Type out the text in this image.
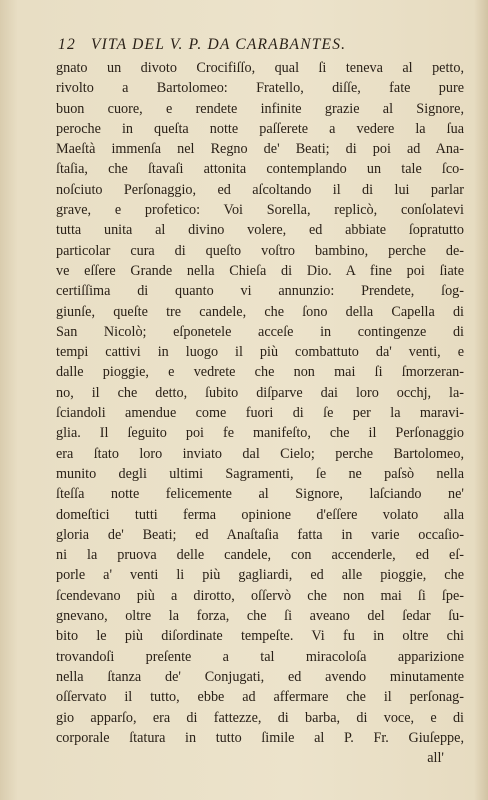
12 VITA DEL V. P. DA CARABANTES.
gnato un divoto Crocifiſſo, qual ſi teneva al petto,
rivolto a Bartolomeo: Fratello, diſſe, fate pure
buon cuore, e rendete infinite grazie al Signore,
peroche in queſta notte paſſerete a vedere la ſua
Maeſtà immenſa nel Regno de' Beati; di poi ad Ana-
ſtaſia, che ſtavaſi attonita contemplando un tale ſco-
noſciuto Perſonaggio, ed aſcoltando il di lui parlar
grave, e profetico: Voi Sorella, replicò, conſolatevi
tutta unita al divino volere, ed abbiate ſopratutto
particolar cura di queſto voſtro bambino, perche de-
ve eſſere Grande nella Chieſa di Dio. A fine poi ſiate
certiſſima di quanto vi annunzio: Prendete, ſog-
giunſe, queſte tre candele, che ſono della Capella di
San Nicolò; eſponetele acceſe in contingenze di
tempi cattivi in luogo il più combattuto da' venti, e
dalle pioggie, e vedrete che non mai ſi ſmorzeran-
no, il che detto, ſubito diſparve dai loro occhj, la-
ſciandoli amendue come fuori di ſe per la maravi-
glia. Il ſeguito poi fe manifeſto, che il Perſonaggio
era ſtato loro inviato dal Cielo; perche Bartolomeo,
munito degli ultimi Sagramenti, ſe ne paſsò nella
ſteſſa notte felicemente al Signore, laſciando ne'
domeſtici tutti ferma opinione d'eſſere volato alla
gloria de' Beati; ed Anaſtaſia fatta in varie occaſio-
ni la pruova delle candele, con accenderle, ed eſ-
porle a' venti li più gagliardi, ed alle pioggie, che
ſcendevano più a dirotto, oſſervò che non mai ſi ſpe-
gnevano, oltre la forza, che ſi aveano del ſedar ſu-
bito le più diſordinate tempeſte. Vi fu in oltre chi
trovandoſi preſente a tal miracoloſa apparizione
nella ſtanza de' Conjugati, ed avendo minutamente
oſſervato il tutto, ebbe ad affermare che il perſonag-
gio apparſo, era di fattezze, di barba, di voce, e di
corporale ſtatura in tutto ſimile al P. Fr. Giuſeppe,
all'
